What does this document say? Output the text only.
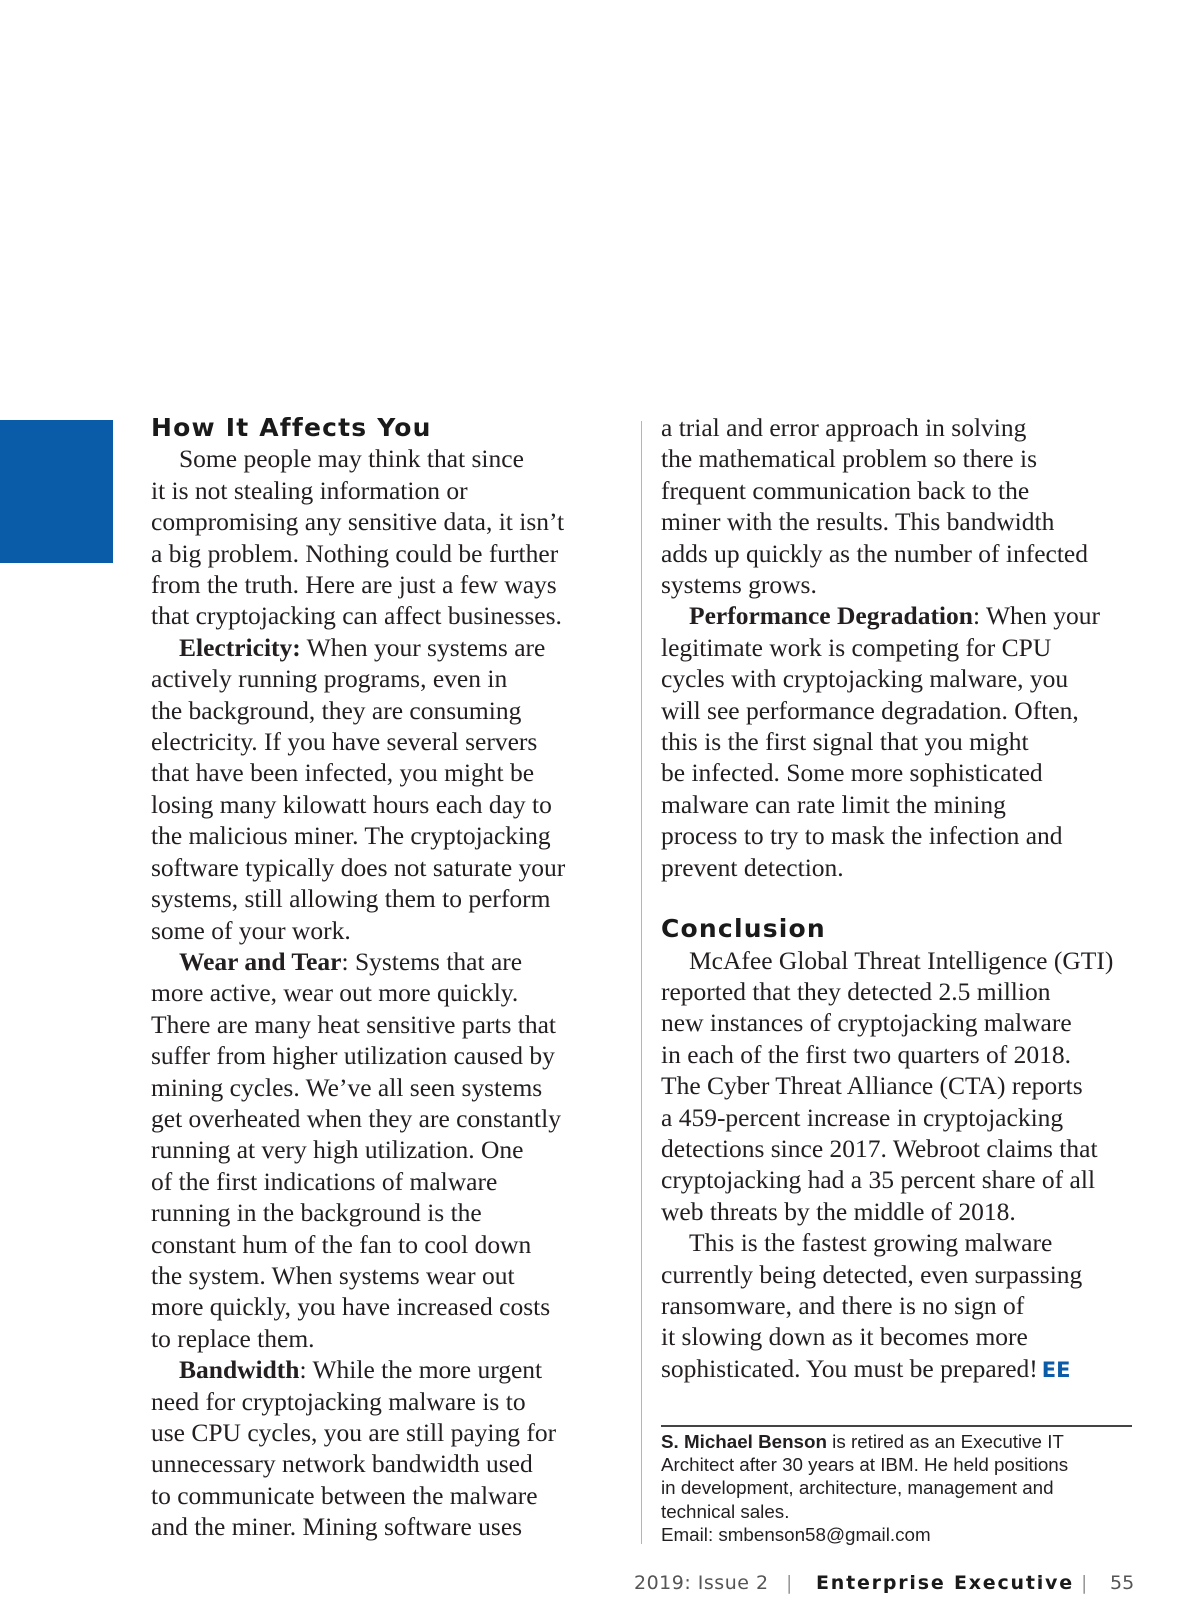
How It Affects You
Some people may think that since
it is not stealing information or
compromising any sensitive data, it isn’t
a big problem. Nothing could be further
from the truth. Here are just a few ways
that cryptojacking can affect businesses.
Electricity: When your systems are
actively running programs, even in
the background, they are consuming
electricity. If you have several servers
that have been infected, you might be
losing many kilowatt hours each day to
the malicious miner. The cryptojacking
software typically does not saturate your
systems, still allowing them to perform
some of your work.
Wear and Tear: Systems that are
more active, wear out more quickly.
There are many heat sensitive parts that
suffer from higher utilization caused by
mining cycles. We’ve all seen systems
get overheated when they are constantly
running at very high utilization. One
of the first indications of malware
running in the background is the
constant hum of the fan to cool down
the system. When systems wear out
more quickly, you have increased costs
to replace them.
Bandwidth: While the more urgent
need for cryptojacking malware is to
use CPU cycles, you are still paying for
unnecessary network bandwidth used
to communicate between the malware
and the miner. Mining software uses
a trial and error approach in solving
the mathematical problem so there is
frequent communication back to the
miner with the results. This bandwidth
adds up quickly as the number of infected
systems grows.
Performance Degradation: When your
legitimate work is competing for CPU
cycles with cryptojacking malware, you
will see performance degradation. Often,
this is the first signal that you might
be infected. Some more sophisticated
malware can rate limit the mining
process to try to mask the infection and
prevent detection.
Conclusion
McAfee Global Threat Intelligence (GTI)
reported that they detected 2.5 million
new instances of cryptojacking malware
in each of the first two quarters of 2018.
The Cyber Threat Alliance (CTA) reports
a 459-percent increase in cryptojacking
detections since 2017. Webroot claims that
cryptojacking had a 35 percent share of all
web threats by the middle of 2018.
This is the fastest growing malware
currently being detected, even surpassing
ransomware, and there is no sign of
it slowing down as it becomes more
sophisticated. You must be prepared! EE
S. Michael Benson is retired as an Executive IT
Architect after 30 years at IBM. He held positions
in development, architecture, management and
technical sales.
Email: smbenson58@gmail.com
2019: Issue 2 | Enterprise Executive | 55
